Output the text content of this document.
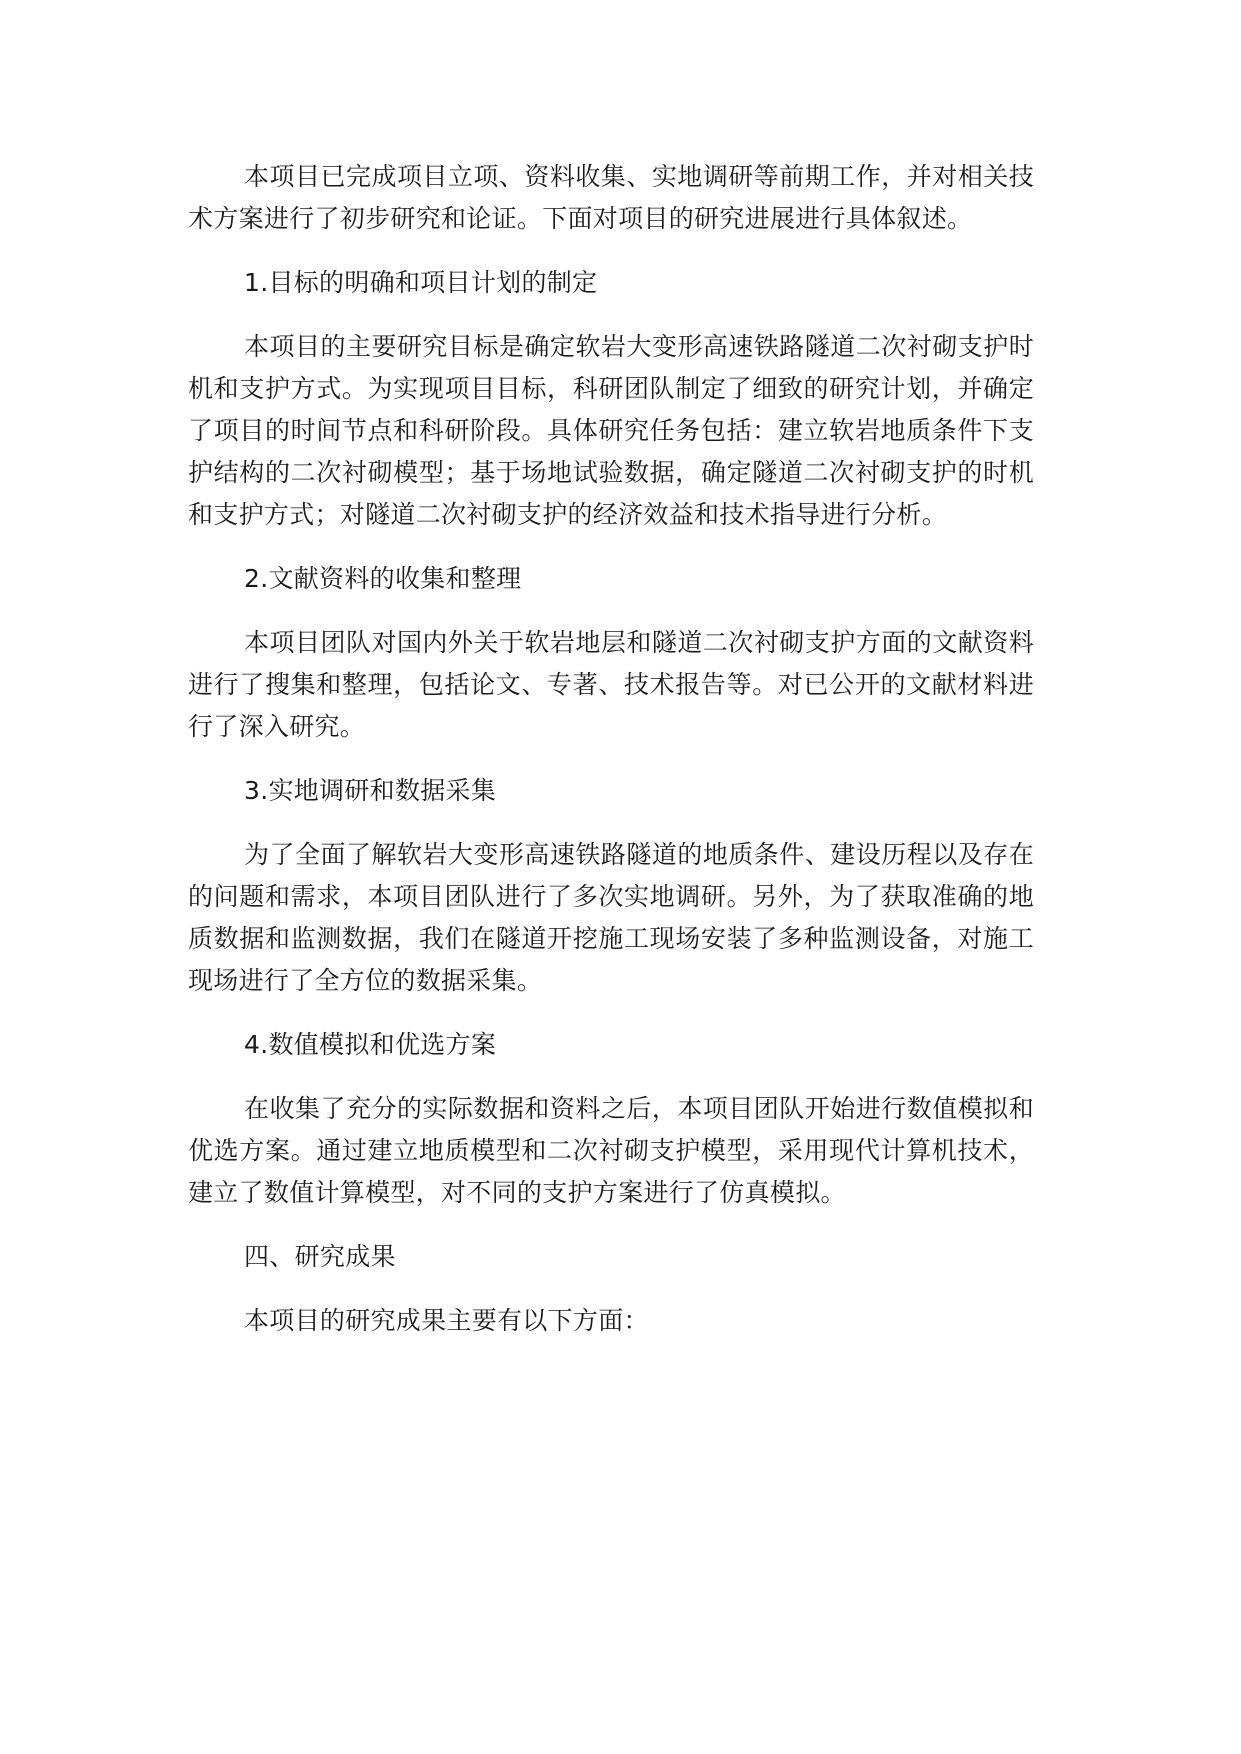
本项目已完成项目立项、资料收集、实地调研等前期工作，并对相关技术方案进行了初步研究和论证。下面对项目的研究进展进行具体叙述。

1.目标的明确和项目计划的制定

本项目的主要研究目标是确定软岩大变形高速铁路隧道二次衬砌支护时机和支护方式。为实现项目目标，科研团队制定了细致的研究计划，并确定了项目的时间节点和科研阶段。具体研究任务包括：建立软岩地质条件下支护结构的二次衬砌模型；基于场地试验数据，确定隧道二次衬砌支护的时机和支护方式；对隧道二次衬砌支护的经济效益和技术指导进行分析。

2.文献资料的收集和整理

本项目团队对国内外关于软岩地层和隧道二次衬砌支护方面的文献资料进行了搜集和整理，包括论文、专著、技术报告等。对已公开的文献材料进行了深入研究。

3.实地调研和数据采集

为了全面了解软岩大变形高速铁路隧道的地质条件、建设历程以及存在的问题和需求，本项目团队进行了多次实地调研。另外，为了获取准确的地质数据和监测数据，我们在隧道开挖施工现场安装了多种监测设备，对施工现场进行了全方位的数据采集。

4.数值模拟和优选方案

在收集了充分的实际数据和资料之后，本项目团队开始进行数值模拟和优选方案。通过建立地质模型和二次衬砌支护模型，采用现代计算机技术，建立了数值计算模型，对不同的支护方案进行了仿真模拟。

四、研究成果

本项目的研究成果主要有以下方面：
